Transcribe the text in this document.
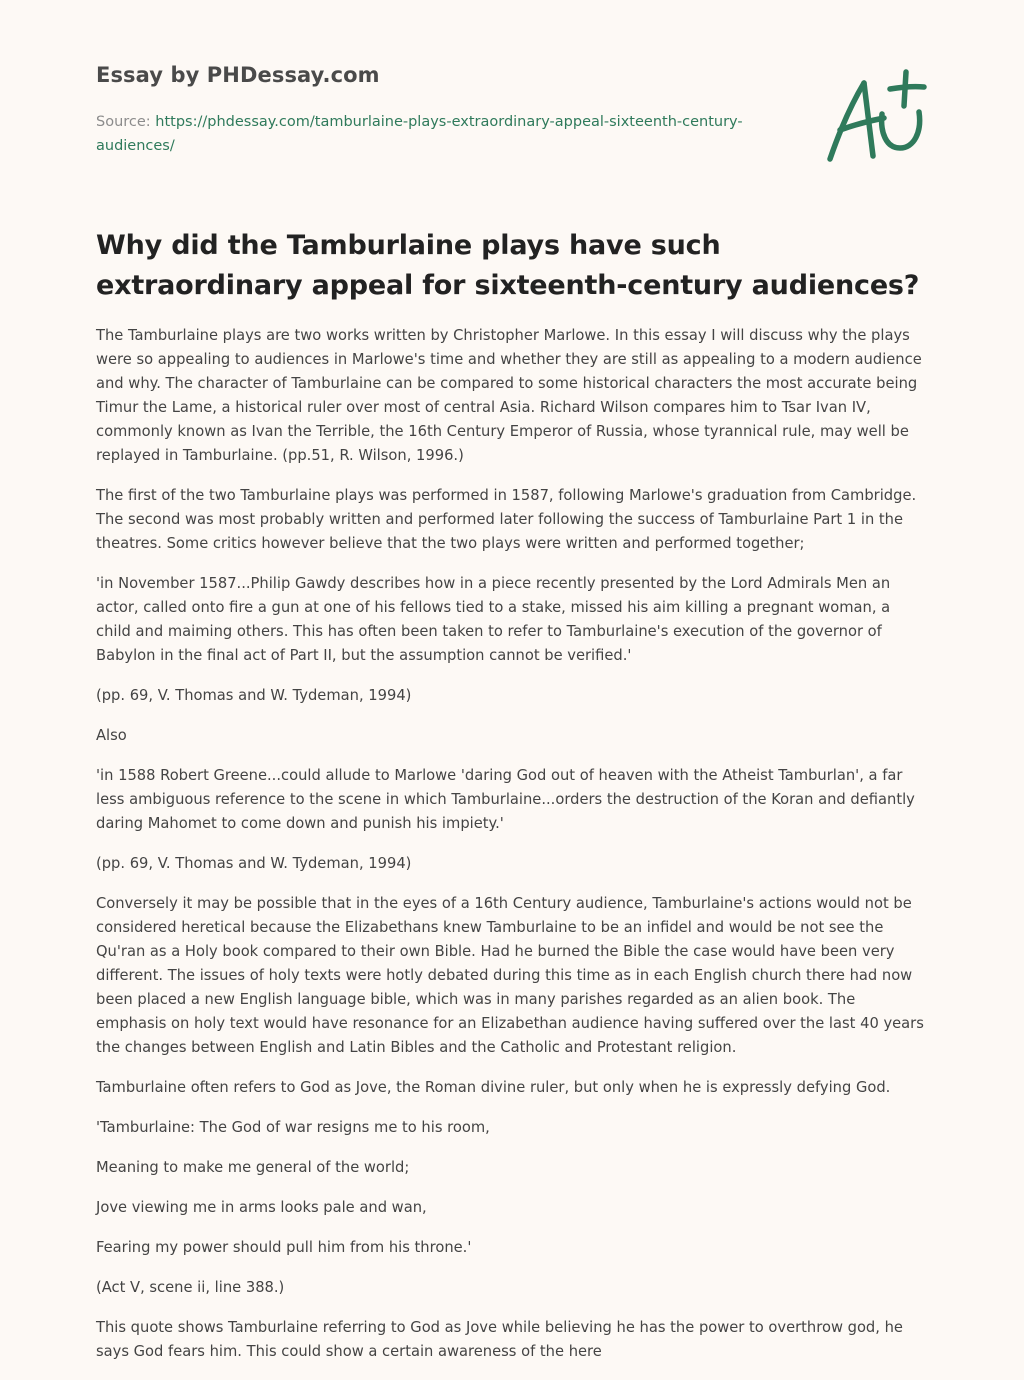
Essay by PHDessay.com
Source: https://phdessay.com/tamburlaine-plays-extraordinary-appeal-sixteenth-century-audiences/
Why did the Tamburlaine plays have such extraordinary appeal for sixteenth-century audiences?

The Tamburlaine plays are two works written by Christopher Marlowe. In this essay I will discuss why the plays were so appealing to audiences in Marlowe's time and whether they are still as appealing to a modern audience and why. The character of Tamburlaine can be compared to some historical characters the most accurate being Timur the Lame, a historical ruler over most of central Asia. Richard Wilson compares him to Tsar Ivan IV, commonly known as Ivan the Terrible, the 16th Century Emperor of Russia, whose tyrannical rule, may well be replayed in Tamburlaine. (pp.51, R. Wilson, 1996.)

The first of the two Tamburlaine plays was performed in 1587, following Marlowe's graduation from Cambridge. The second was most probably written and performed later following the success of Tamburlaine Part 1 in the theatres. Some critics however believe that the two plays were written and performed together;

'in November 1587...Philip Gawdy describes how in a piece recently presented by the Lord Admirals Men an actor, called onto fire a gun at one of his fellows tied to a stake, missed his aim killing a pregnant woman, a child and maiming others. This has often been taken to refer to Tamburlaine's execution of the governor of Babylon in the final act of Part II, but the assumption cannot be verified.'

(pp. 69, V. Thomas and W. Tydeman, 1994)

Also

'in 1588 Robert Greene...could allude to Marlowe 'daring God out of heaven with the Atheist Tamburlan', a far less ambiguous reference to the scene in which Tamburlaine...orders the destruction of the Koran and defiantly daring Mahomet to come down and punish his impiety.'

(pp. 69, V. Thomas and W. Tydeman, 1994)

Conversely it may be possible that in the eyes of a 16th Century audience, Tamburlaine's actions would not be considered heretical because the Elizabethans knew Tamburlaine to be an infidel and would be not see the Qu'ran as a Holy book compared to their own Bible. Had he burned the Bible the case would have been very different. The issues of holy texts were hotly debated during this time as in each English church there had now been placed a new English language bible, which was in many parishes regarded as an alien book. The emphasis on holy text would have resonance for an Elizabethan audience having suffered over the last 40 years the changes between English and Latin Bibles and the Catholic and Protestant religion.

Tamburlaine often refers to God as Jove, the Roman divine ruler, but only when he is expressly defying God.

'Tamburlaine: The God of war resigns me to his room,

Meaning to make me general of the world;

Jove viewing me in arms looks pale and wan,

Fearing my power should pull him from his throne.'

(Act V, scene ii, line 388.)

This quote shows Tamburlaine referring to God as Jove while believing he has the power to overthrow god, he says God fears him. This could show a certain awareness of the here
